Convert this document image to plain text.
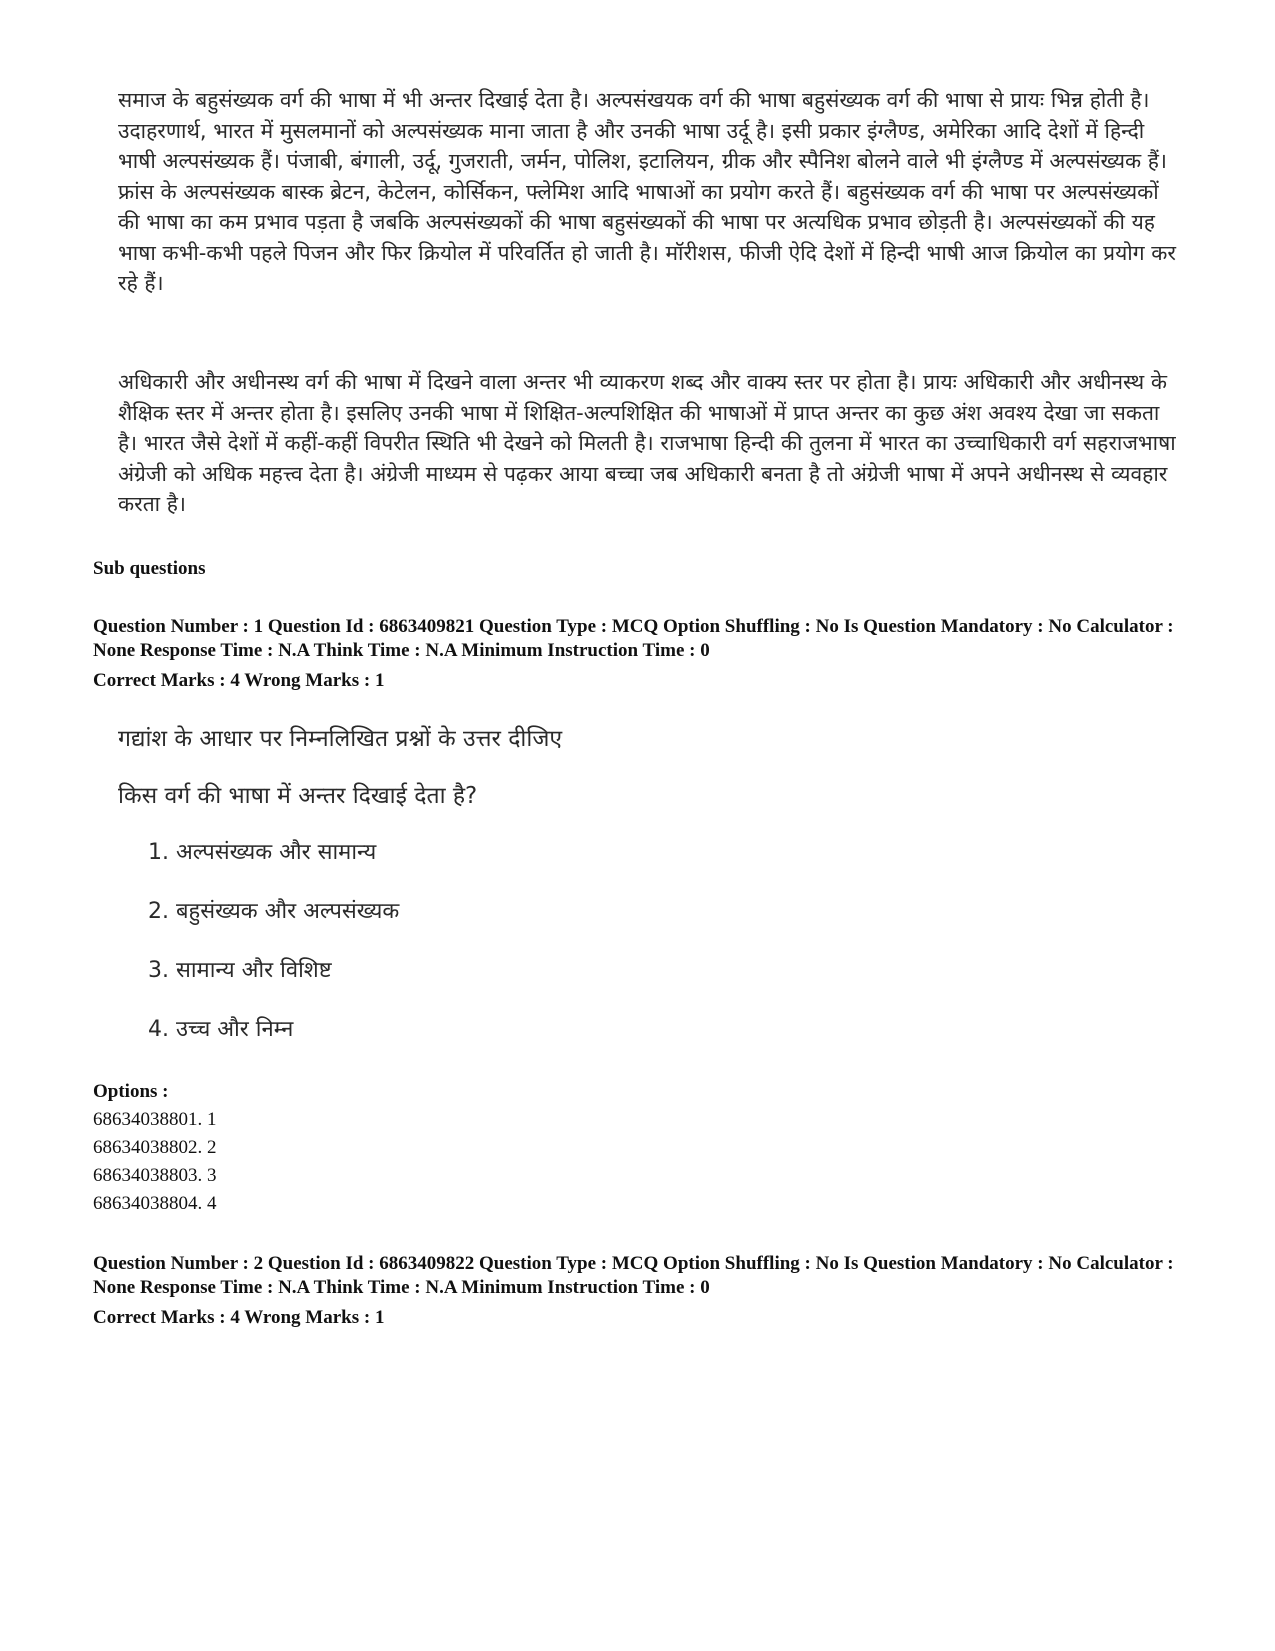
समाज के बहुसंख्यक वर्ग की भाषा में भी अन्तर दिखाई देता है। अल्पसंखयक वर्ग की भाषा बहुसंख्यक वर्ग की भाषा से प्रायः भिन्न होती है। उदाहरणार्थ, भारत में मुसलमानों को अल्पसंख्यक माना जाता है और उनकी भाषा उर्दू है। इसी प्रकार इंग्लैण्ड, अमेरिका आदि देशों में हिन्दी भाषी अल्पसंख्यक हैं। पंजाबी, बंगाली, उर्दू, गुजराती, जर्मन, पोलिश, इटालियन, ग्रीक और स्पैनिश बोलने वाले भी इंग्लैण्ड में अल्पसंख्यक हैं। फ्रांस के अल्पसंख्यक बास्क ब्रेटन, केटेलन, कोर्सिकन, फ्लेमिश आदि भाषाओं का प्रयोग करते हैं। बहुसंख्यक वर्ग की भाषा पर अल्पसंख्यकों की भाषा का कम प्रभाव पड़ता है जबकि अल्पसंख्यकों की भाषा बहुसंख्यकों की भाषा पर अत्यधिक प्रभाव छोड़ती है। अल्पसंख्यकों की यह भाषा कभी-कभी पहले पिजन और फिर क्रियोल में परिवर्तित हो जाती है। मॉरीशस, फीजी ऐदि देशों में हिन्दी भाषी आज क्रियोल का प्रयोग कर रहे हैं।

अधिकारी और अधीनस्थ वर्ग की भाषा में दिखने वाला अन्तर भी व्याकरण शब्द और वाक्य स्तर पर होता है। प्रायः अधिकारी और अधीनस्थ के शैक्षिक स्तर में अन्तर होता है। इसलिए उनकी भाषा में शिक्षित-अल्पशिक्षित की भाषाओं में प्राप्त अन्तर का कुछ अंश अवश्य देखा जा सकता है। भारत जैसे देशों में कहीं-कहीं विपरीत स्थिति भी देखने को मिलती है। राजभाषा हिन्दी की तुलना में भारत का उच्चाधिकारी वर्ग सहराजभाषा अंग्रेजी को अधिक महत्त्व देता है। अंग्रेजी माध्यम से पढ़कर आया बच्चा जब अधिकारी बनता है तो अंग्रेजी भाषा में अपने अधीनस्थ से व्यवहार करता है।

Sub questions
Question Number : 1 Question Id : 6863409821 Question Type : MCQ Option Shuffling : No Is Question Mandatory : No Calculator : None Response Time : N.A Think Time : N.A Minimum Instruction Time : 0
Correct Marks : 4 Wrong Marks : 1
गद्यांश के आधार पर निम्नलिखित प्रश्नों के उत्तर दीजिए
किस वर्ग की भाषा में अन्तर दिखाई देता है?
1. अल्पसंख्यक और सामान्य
2. बहुसंख्यक और अल्पसंख्यक
3. सामान्य और विशिष्ट
4. उच्च और निम्न
Options :
68634038801. 1
68634038802. 2
68634038803. 3
68634038804. 4
Question Number : 2 Question Id : 6863409822 Question Type : MCQ Option Shuffling : No Is Question Mandatory : No Calculator : None Response Time : N.A Think Time : N.A Minimum Instruction Time : 0
Correct Marks : 4 Wrong Marks : 1
